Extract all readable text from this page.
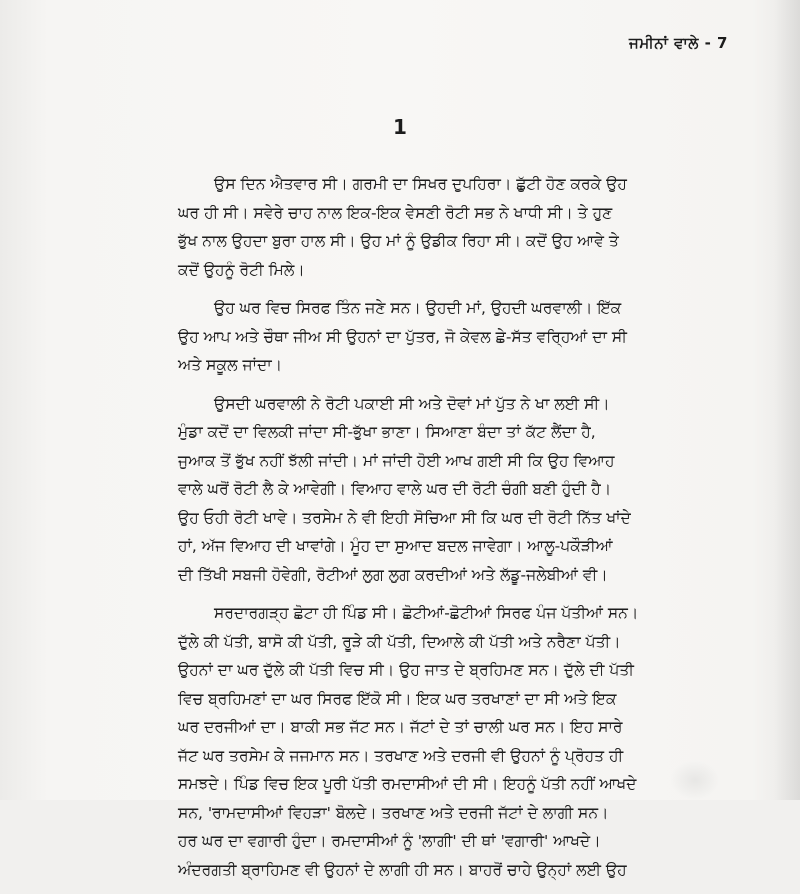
ਜਮੀਨਾਂ ਵਾਲੇ - 7
1

ਉਸ ਦਿਨ ਐਤਵਾਰ ਸੀ। ਗਰਮੀ ਦਾ ਸਿਖਰ ਦੁਪਹਿਰਾ। ਛੁੱਟੀ ਹੋਣ ਕਰਕੇ ਉਹ
ਘਰ ਹੀ ਸੀ। ਸਵੇਰੇ ਚਾਹ ਨਾਲ ਇਕ-ਇਕ ਵੇਸਣੀ ਰੋਟੀ ਸਭ ਨੇ ਖਾਧੀ ਸੀ। ਤੇ ਹੁਣ
ਭੁੱਖ ਨਾਲ ਉਹਦਾ ਬੁਰਾ ਹਾਲ ਸੀ। ਉਹ ਮਾਂ ਨੂੰ ਉਡੀਕ ਰਿਹਾ ਸੀ। ਕਦੋਂ ਉਹ ਆਵੇ ਤੇ
ਕਦੋਂ ਉਹਨੂੰ ਰੋਟੀ ਮਿਲੇ।

ਉਹ ਘਰ ਵਿਚ ਸਿਰਫ ਤਿੰਨ ਜਣੇ ਸਨ। ਉਹਦੀ ਮਾਂ, ਉਹਦੀ ਘਰਵਾਲੀ। ਇੱਕ
ਉਹ ਆਪ ਅਤੇ ਚੌਥਾ ਜੀਅ ਸੀ ਉਹਨਾਂ ਦਾ ਪੁੱਤਰ, ਜੋ ਕੇਵਲ ਛੇ-ਸੱਤ ਵਰ੍ਹਿਆਂ ਦਾ ਸੀ
ਅਤੇ ਸਕੂਲ ਜਾਂਦਾ।

ਉਸਦੀ ਘਰਵਾਲੀ ਨੇ ਰੋਟੀ ਪਕਾਈ ਸੀ ਅਤੇ ਦੋਵਾਂ ਮਾਂ ਪੁੱਤ ਨੇ ਖਾ ਲਈ ਸੀ।
ਮੁੰਡਾ ਕਦੋਂ ਦਾ ਵਿਲਕੀ ਜਾਂਦਾ ਸੀ-ਭੁੱਖਾ ਭਾਣਾ। ਸਿਆਣਾ ਬੰਦਾ ਤਾਂ ਕੱਟ ਲੈਂਦਾ ਹੈ,
ਜੁਆਕ ਤੋਂ ਭੁੱਖ ਨਹੀਂ ਝੱਲੀ ਜਾਂਦੀ। ਮਾਂ ਜਾਂਦੀ ਹੋਈ ਆਖ ਗਈ ਸੀ ਕਿ ਉਹ ਵਿਆਹ
ਵਾਲੇ ਘਰੋਂ ਰੋਟੀ ਲੈ ਕੇ ਆਵੇਗੀ। ਵਿਆਹ ਵਾਲੇ ਘਰ ਦੀ ਰੋਟੀ ਚੰਗੀ ਬਣੀ ਹੁੰਦੀ ਹੈ।
ਉਹ ਓਹੀ ਰੋਟੀ ਖਾਵੇ। ਤਰਸੇਮ ਨੇ ਵੀ ਇਹੀ ਸੋਚਿਆ ਸੀ ਕਿ ਘਰ ਦੀ ਰੋਟੀ ਨਿੱਤ ਖਾਂਦੇ
ਹਾਂ, ਅੱਜ ਵਿਆਹ ਦੀ ਖਾਵਾਂਗੇ। ਮੂੰਹ ਦਾ ਸੁਆਦ ਬਦਲ ਜਾਵੇਗਾ। ਆਲੂ-ਪਕੌੜੀਆਂ
ਦੀ ਤਿੱਖੀ ਸਬਜੀ ਹੋਵੇਗੀ, ਰੋਟੀਆਂ ਲੁਗ ਲੁਗ ਕਰਦੀਆਂ ਅਤੇ ਲੱਡੂ-ਜਲੇਬੀਆਂ ਵੀ।

ਸਰਦਾਰਗੜ੍ਹ ਛੋਟਾ ਹੀ ਪਿੰਡ ਸੀ। ਛੋਟੀਆਂ-ਛੋਟੀਆਂ ਸਿਰਫ ਪੰਜ ਪੱਤੀਆਂ ਸਨ।
ਦੁੱਲੇ ਕੀ ਪੱਤੀ, ਬਾਸੋ ਕੀ ਪੱਤੀ, ਰੂੜੇ ਕੀ ਪੱਤੀ, ਦਿਆਲੇ ਕੀ ਪੱਤੀ ਅਤੇ ਨਰੈਣਾ ਪੱਤੀ।
ਉਹਨਾਂ ਦਾ ਘਰ ਦੁੱਲੇ ਕੀ ਪੱਤੀ ਵਿਚ ਸੀ। ਉਹ ਜਾਤ ਦੇ ਬ੍ਰਹਿਮਣ ਸਨ। ਦੁੱਲੇ ਦੀ ਪੱਤੀ
ਵਿਚ ਬ੍ਰਹਿਮਣਾਂ ਦਾ ਘਰ ਸਿਰਫ ਇੱਕੋ ਸੀ। ਇਕ ਘਰ ਤਰਖਾਣਾਂ ਦਾ ਸੀ ਅਤੇ ਇਕ
ਘਰ ਦਰਜੀਆਂ ਦਾ। ਬਾਕੀ ਸਭ ਜੱਟ ਸਨ। ਜੱਟਾਂ ਦੇ ਤਾਂ ਚਾਲੀ ਘਰ ਸਨ। ਇਹ ਸਾਰੇ
ਜੱਟ ਘਰ ਤਰਸੇਮ ਕੇ ਜਜਮਾਨ ਸਨ। ਤਰਖਾਣ ਅਤੇ ਦਰਜੀ ਵੀ ਉਹਨਾਂ ਨੂੰ ਪ੍ਰੋਹਤ ਹੀ
ਸਮਝਦੇ। ਪਿੰਡ ਵਿਚ ਇਕ ਪੂਰੀ ਪੱਤੀ ਰਮਦਾਸੀਆਂ ਦੀ ਸੀ। ਇਹਨੂੰ ਪੱਤੀ ਨਹੀਂ ਆਖਦੇ
ਸਨ, 'ਰਾਮਦਾਸੀਆਂ ਵਿਹੜਾ' ਬੋਲਦੇ। ਤਰਖਾਣ ਅਤੇ ਦਰਜੀ ਜੱਟਾਂ ਦੇ ਲਾਗੀ ਸਨ।
ਹਰ ਘਰ ਦਾ ਵਗਾਰੀ ਹੁੰਦਾ। ਰਮਦਾਸੀਆਂ ਨੂੰ 'ਲਾਗੀ' ਦੀ ਥਾਂ 'ਵਗਾਰੀ' ਆਖਦੇ।
ਅੰਦਰਗਤੀ ਬ੍ਰਾਹਿਮਣ ਵੀ ਉਹਨਾਂ ਦੇ ਲਾਗੀ ਹੀ ਸਨ। ਬਾਹਰੋਂ ਚਾਹੇ ਉਨ੍ਹਾਂ ਲਈ ਉਹ
